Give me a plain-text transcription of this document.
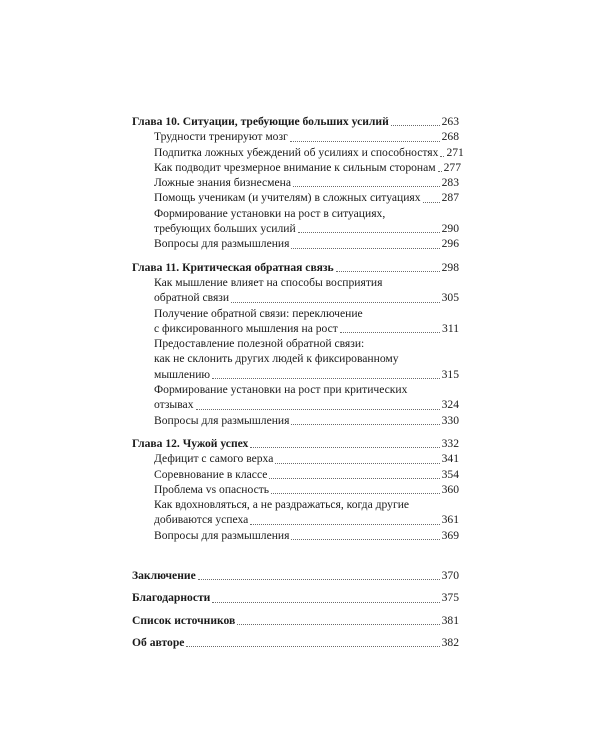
Глава 10. Ситуации, требующие больших усилий	263
Трудности тренируют мозг	268
Подпитка ложных убеждений об усилиях и способностях 271
Как подводит чрезмерное внимание к сильным сторонам 277
Ложные знания бизнесмена	283
Помощь ученикам (и учителям) в сложных ситуациях 287
Формирование установки на рост в ситуациях,
требующих больших усилий	290
Вопросы для размышления	296
Глава 11. Критическая обратная связь	298
Как мышление влияет на способы восприятия
обратной связи	305
Получение обратной связи: переключение
с фиксированного мышления на рост	311
Предоставление полезной обратной связи:
как не склонить других людей к фиксированному
мышлению	315
Формирование установки на рост при критических
отзывах	324
Вопросы для размышления	330
Глава 12. Чужой успех	332
Дефицит с самого верха	341
Соревнование в классе	354
Проблема vs опасность	360
Как вдохновляться, а не раздражаться, когда другие
добиваются успеха	361
Вопросы для размышления	369
Заключение	370
Благодарности	375
Список источников	381
Об авторе	382
